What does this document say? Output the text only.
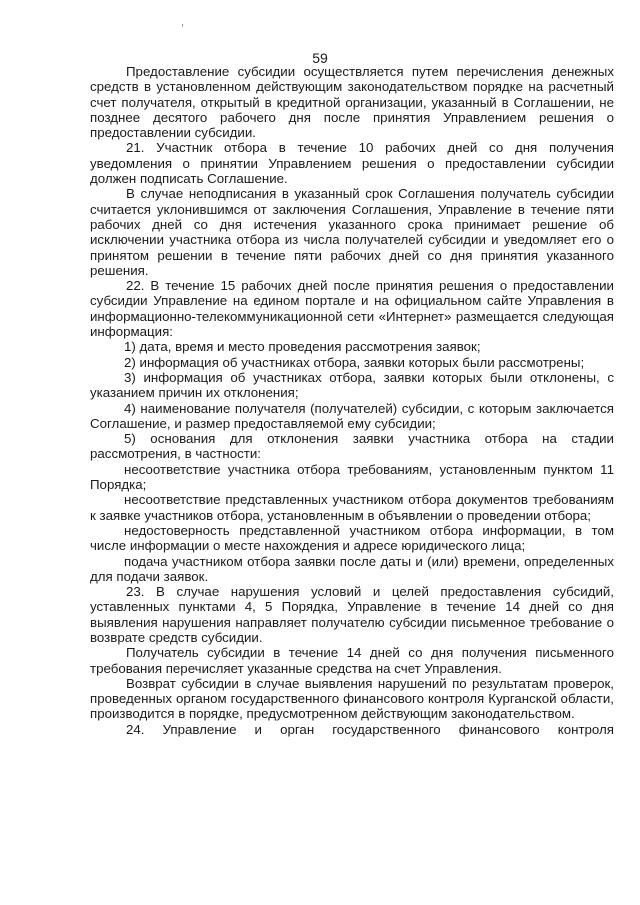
59

Предоставление субсидии осуществляется путем перечисления денежных средств в установленном действующим законодательством порядке на расчетный счет получателя, открытый в кредитной организации, указанный в Соглашении, не позднее десятого рабочего дня после принятия Управлением решения о предоставлении субсидии.

21. Участник отбора в течение 10 рабочих дней со дня получения уведомления о принятии Управлением решения о предоставлении субсидии должен подписать Соглашение.

В случае неподписания в указанный срок Соглашения получатель субсидии считается уклонившимся от заключения Соглашения, Управление в течение пяти рабочих дней со дня истечения указанного срока принимает решение об исключении участника отбора из числа получателей субсидии и уведомляет его о принятом решении в течение пяти рабочих дней со дня принятия указанного решения.

22. В течение 15 рабочих дней после принятия решения о предоставлении субсидии Управление на едином портале и на официальном сайте Управления в информационно-телекоммуникационной сети «Интернет» размещается следующая информация:

1) дата, время и место проведения рассмотрения заявок;

2) информация об участниках отбора, заявки которых были рассмотрены;

3) информация об участниках отбора, заявки которых были отклонены, с указанием причин их отклонения;

4) наименование получателя (получателей) субсидии, с которым заключается Соглашение, и размер предоставляемой ему субсидии;

5) основания для отклонения заявки участника отбора на стадии рассмотрения, в частности:

несоответствие участника отбора требованиям, установленным пунктом 11 Порядка;

несоответствие представленных участником отбора документов требованиям к заявке участников отбора, установленным в объявлении о проведении отбора;

недостоверность представленной участником отбора информации, в том числе информации о месте нахождения и адресе юридического лица;

подача участником отбора заявки после даты и (или) времени, определенных для подачи заявок.

23. В случае нарушения условий и целей предоставления субсидий, уставленных пунктами 4, 5 Порядка, Управление в течение 14 дней со дня выявления нарушения направляет получателю субсидии письменное требование о возврате средств субсидии.

Получатель субсидии в течение 14 дней со дня получения письменного требования перечисляет указанные средства на счет Управления.

Возврат субсидии в случае выявления нарушений по результатам проверок, проведенных органом государственного финансового контроля Курганской области, производится в порядке, предусмотренном действующим законодательством.

24. Управление и орган государственного финансового контроля
